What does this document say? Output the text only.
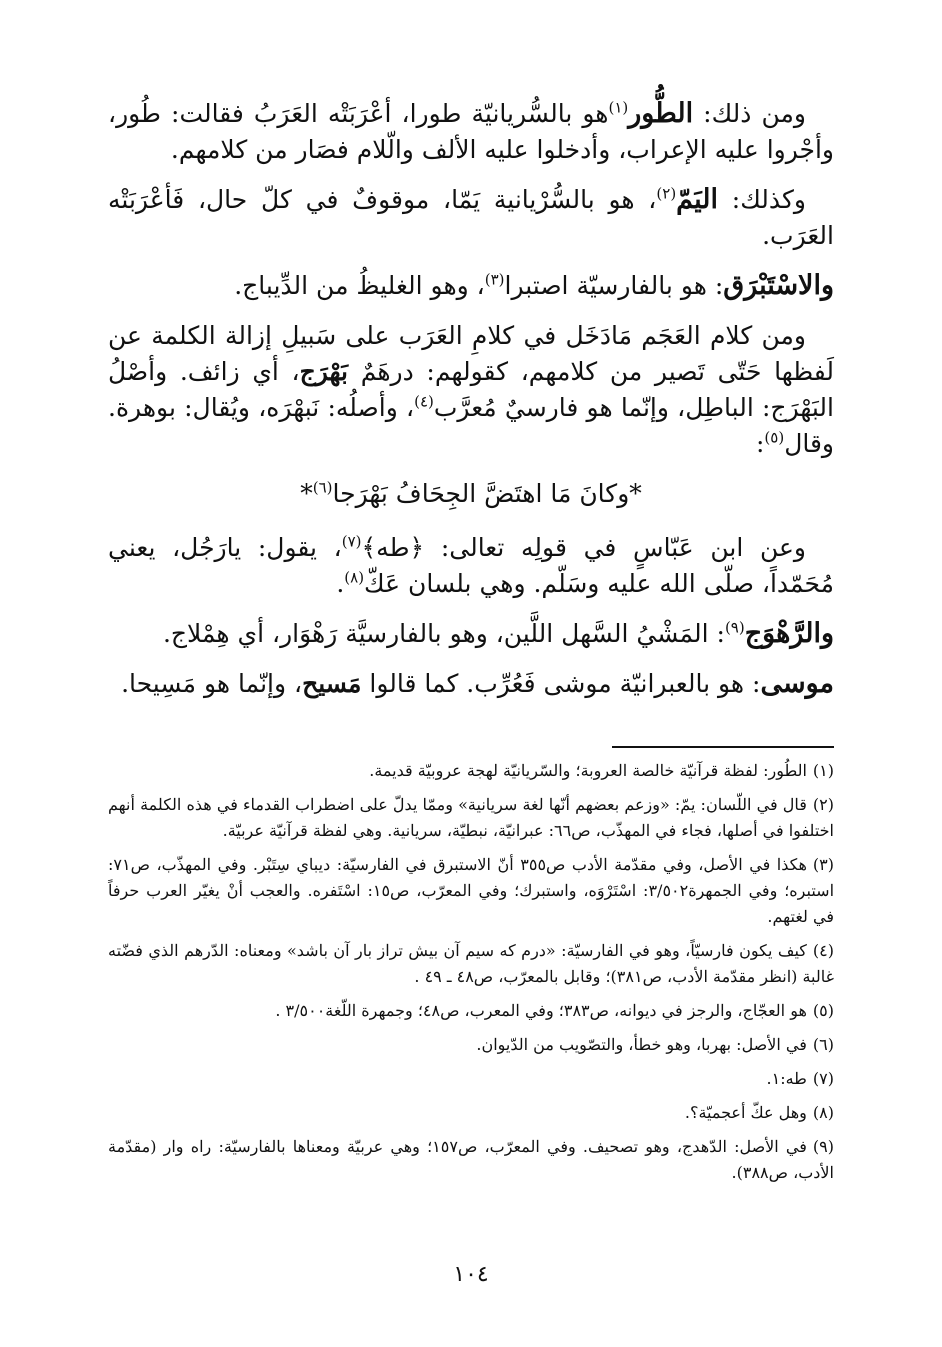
ومن ذلك: الطُّور$^{(١)}$هو بالسُّريانيّة طورا، أعْرَبَتْه العَرَبُ فقالت: طُور، وأجْروا عليه الإعراب، وأدخلوا عليه الألف والّلام فصَار من كلامهم.

وكذلك: اليَمّ$^{(٢)}$، هو بالسُّرْيانية يَمّا، موقوفٌ في كلّ حال، فَأعْرَبَتْه العَرَب.

والاسْتَبْرَق: هو بالفارسيّة اصتبرا$^{(٣)}$، وهو الغليظُ من الدِّيباج.

ومن كلام العَجَم مَادَخَل في كلامِ العَرَب على سَبيلِ إزالة الكلمة عن لَفظها حَتّى تَصير من كلامهم، كقولهم: درهَمٌ بَهْرَج، أي زائف. وأصْلُ البَهْرَج: الباطِل، وإنّما هو فارسيٌ مُعرَّب$^{(٤)}$، وأصلُه: نَبهْرَه، ويُقال: بوهرة. وقال$^{(٥)}$:

*وكانَ مَا اهتَضَّ الجِحَافُ بَهْرَجا$^{(٦)}$*

وعن ابن عَبّاسٍ في قولِه تعالى: ﴿طه﴾$^{(٧)}$، يقول: يارَجُل، يعني مُحَمّداً، صلّى الله عليه وسَلّم. وهي بلسان عَكّ$^{(٨)}$.

والرَّهْوَج$^{(٩)}$: المَشْيُ السَّهل اللَّين، وهو بالفارسيَّة رَهْوَار، أي هِمْلاج.

موسى: هو بالعبرانيّة موشى فَعُرِّب. كما قالوا مَسيح، وإنّما هو مَسِيحا.

(١)الطُور: لفظة قرآنيّة خالصة العروبة؛ والسّريانيّة لهجة عروبيّة قديمة.

(٢)قال في اللّسان: يمّ: «وزعم بعضهم أنّها لغة سريانية» وممّا يدلّ على اضطراب القدماء في هذه الكلمة أنهم اختلفوا في أصلها، فجاء في المهذّب، ص٦٦: عبرانيّة، نبطيّة، سريانية. وهي لفظة قرآنيّة عربيّة.

(٣)هكذا في الأصل، وفي مقدّمة الأدب ص٣٥٥ أنّ الاستبرق في الفارسيّة: ديباي سِتَبْر. وفي المهذّب، ص٧١: استبره؛ وفي الجمهرة٣/٥٠٢: اسْتَرْوَه، واستبرك؛ وفي المعرّب، ص١٥: اسْتَفره. والعجب أنْ يغيّر العرب حرفاً في لغتهم.

(٤)كيف يكون فارسيّاً، وهو في الفارسيّة: «درم كه سيم آن بيش تراز بار آن باشد» ومعناه: الدّرهم الذي فضّته غالبة (انظر مقدّمة الأدب، ص٣٨١)؛ وقابل بالمعرّب، ص٤٨ ـ ٤٩ .

(٥)هو العجّاج، والرجز في ديوانه، ص٣٨٣؛ وفي المعرب، ص٤٨؛ وجمهرة اللّغة٣/٥٠٠ .

(٦)في الأصل: بهربا، وهو خطأ، والتصّويب من الدّيوان.

(٧)طه:١.

(٨)وهل عكّ أعجميّة؟.

(٩)في الأصل: الدّهدج، وهو تصحيف. وفي المعرّب، ص١٥٧؛ وهي عربيّة ومعناها بالفارسيّة: راه وار (مقدّمة الأدب، ص٣٨٨).

١٠٤
